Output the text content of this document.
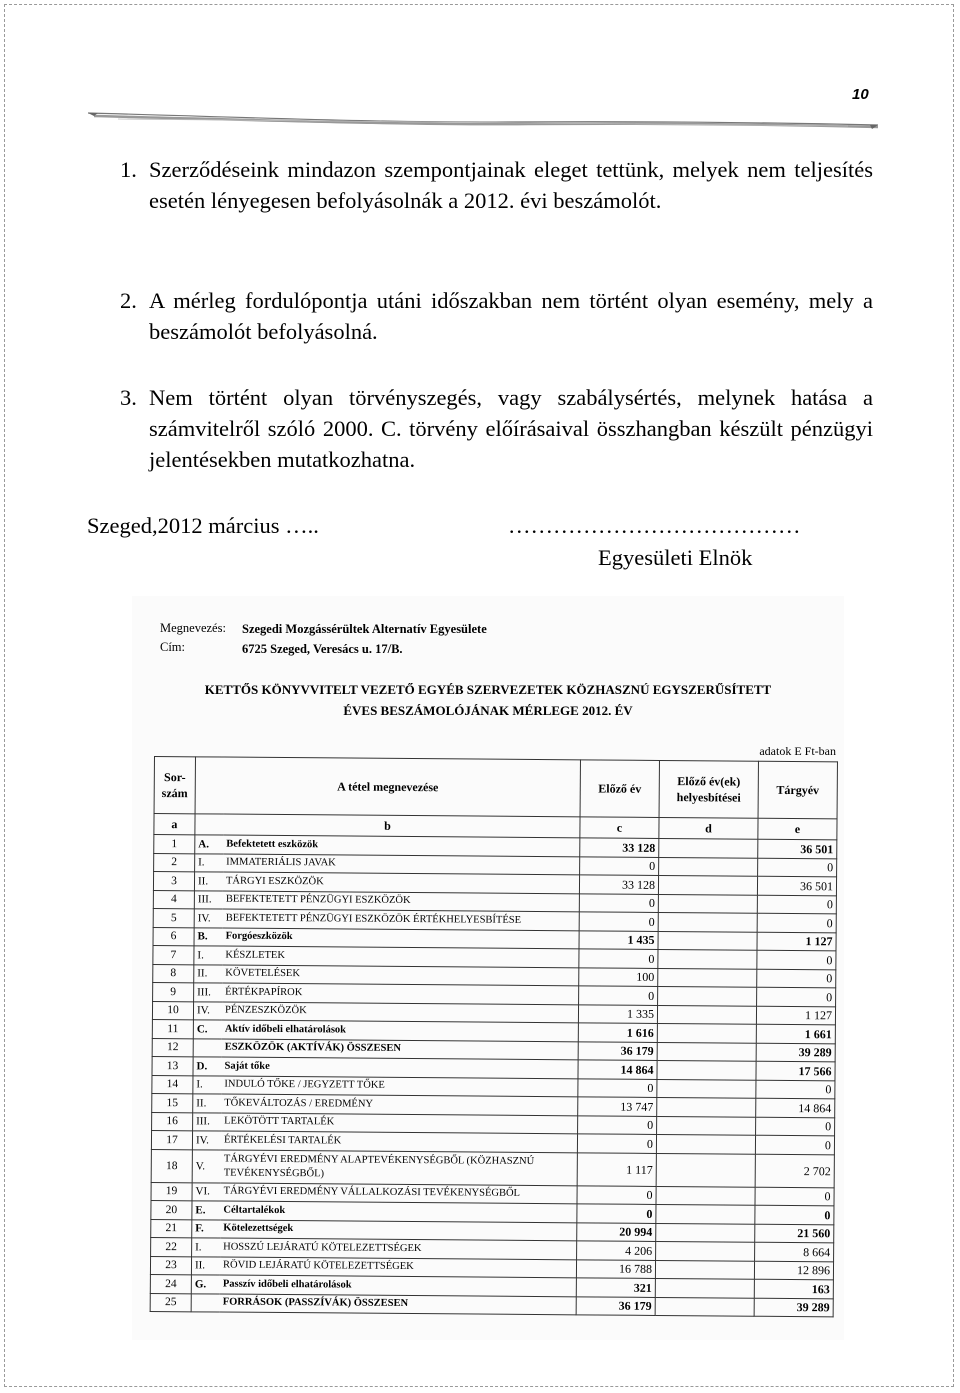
10
1. Szerződéseink mindazon szempontjainak eleget tettünk, melyek nem teljesítés esetén lényegesen befolyásolnák a 2012. évi beszámolót.
2. A mérleg fordulópontja utáni időszakban nem történt olyan esemény, mely a beszámolót befolyásolná.
3. Nem történt olyan törvényszegés, vagy szabálysértés, melynek hatása a számvitelről szóló 2000. C. törvény előírásaival összhangban készült pénzügyi jelentésekben mutatkozhatna.
Szeged,2012 március …..	…………………………………
Egyesületi Elnök
Megnevezés: Szegedi Mozgássérültek Alternatív Egyesülete
Cím:	6725 Szeged, Veresács u. 17/B.
KETTŐS KÖNYVVITELT VEZETŐ EGYÉB SZERVEZETEK KÖZHASZNÚ EGYSZERŰSÍTETT
ÉVES BESZÁMOLÓJÁNAK MÉRLEGE 2012. ÉV
adatok E Ft-ban
Sor-szám	A tétel megnevezése		Előző év	Előző év(ek) helyesbítései	Tárgyév
a	b		c	d	e
1	A.	Befektetett eszközök	33 128		36 501
2	I.	IMMATERIÁLIS JAVAK	0		0
3	II.	TÁRGYI ESZKÖZÖK	33 128		36 501
4	III.	BEFEKTETETT PÉNZÜGYI ESZKÖZÖK	0		0
5	IV.	BEFEKTETETT PÉNZÜGYI ESZKÖZÖK ÉRTÉKHELYESBÍTÉSE	0		0
6	B.	Forgóeszközök	1 435		1 127
7	I.	KÉSZLETEK	0		0
8	II.	KÖVETELÉSEK	100		0
9	III.	ÉRTÉKPAPÍROK	0		0
10	IV.	PÉNZESZKÖZÖK	1 335		1 127
11	C.	Aktív időbeli elhatárolások	1 616		1 661
12		ESZKÖZÖK (AKTÍVÁK) ÖSSZESEN	36 179		39 289
13	D.	Saját tőke	14 864		17 566
14	I.	INDULÓ TŐKE / JEGYZETT TŐKE	0		0
15	II.	TŐKEVÁLTOZÁS / EREDMÉNY	13 747		14 864
16	III.	LEKÖTÖTT TARTALÉK	0		0
17	IV.	ÉRTÉKELÉSI TARTALÉK	0		0
18	V.	TÁRGYÉVI EREDMÉNY ALAPTEVÉKENYSÉGBŐL (KÖZHASZNÚ TEVÉKENYSÉGBŐL)	1 117		2 702
19	VI.	TÁRGYÉVI EREDMÉNY VÁLLALKOZÁSI TEVÉKENYSÉGBŐL	0		0
20	E.	Céltartalékok	0		0
21	F.	Kötelezettségek	20 994		21 560
22	I.	HOSSZÚ LEJÁRATÚ KÖTELEZETTSÉGEK	4 206		8 664
23	II.	RÖVID LEJÁRATÚ KÖTELEZETTSÉGEK	16 788		12 896
24	G.	Passzív időbeli elhatárolások	321		163
25		FORRÁSOK (PASSZÍVÁK) ÖSSZESEN	36 179		39 289
